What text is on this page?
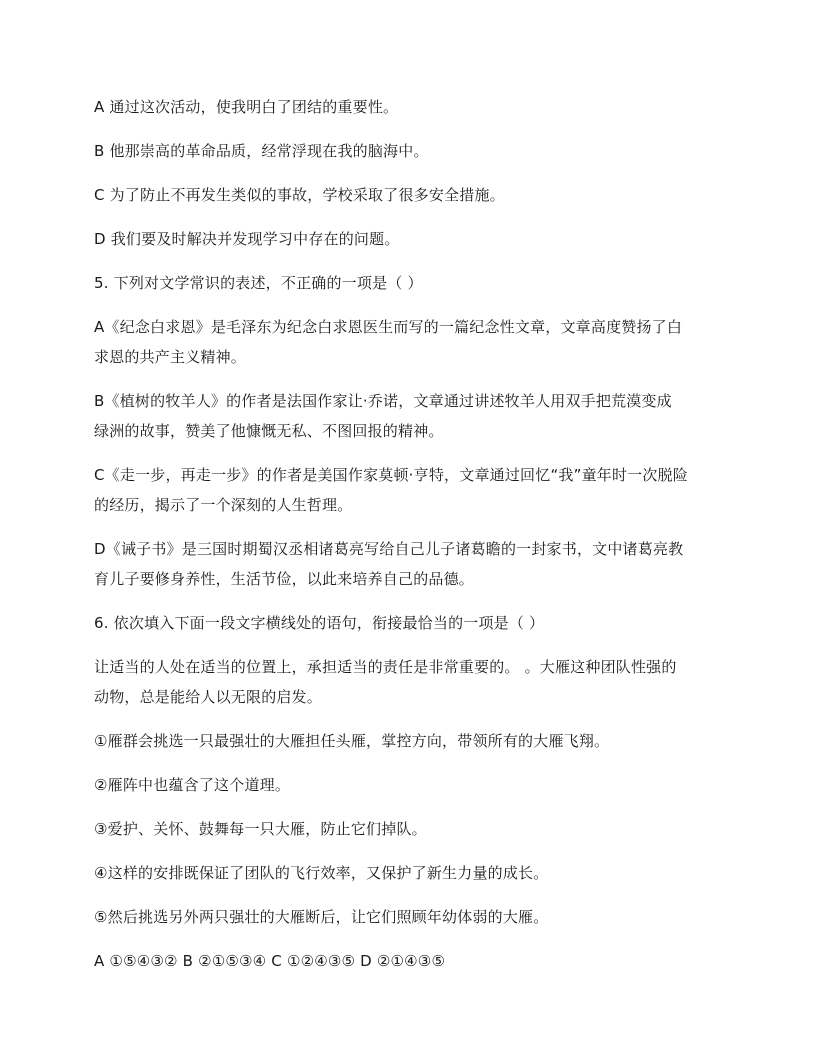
A 通过这次活动，使我明白了团结的重要性。

B 他那崇高的革命品质，经常浮现在我的脑海中。

C 为了防止不再发生类似的事故，学校采取了很多安全措施。

D 我们要及时解决并发现学习中存在的问题。

5. 下列对文学常识的表述，不正确的一项是（ ）

A《纪念白求恩》是毛泽东为纪念白求恩医生而写的一篇纪念性文章，文章高度赞扬了白

求恩的共产主义精神。

B《植树的牧羊人》的作者是法国作家让·乔诺，文章通过讲述牧羊人用双手把荒漠变成

绿洲的故事，赞美了他慷慨无私、不图回报的精神。

C《走一步，再走一步》的作者是美国作家莫顿·亨特，文章通过回忆“我”童年时一次脱险

的经历，揭示了一个深刻的人生哲理。

D《诫子书》是三国时期蜀汉丞相诸葛亮写给自己儿子诸葛瞻的一封家书，文中诸葛亮教

育儿子要修身养性，生活节俭，以此来培养自己的品德。

6. 依次填入下面一段文字横线处的语句，衔接最恰当的一项是（ ）

让适当的人处在适当的位置上，承担适当的责任是非常重要的。 。大雁这种团队性强的

动物，总是能给人以无限的启发。

①雁群会挑选一只最强壮的大雁担任头雁，掌控方向，带领所有的大雁飞翔。

②雁阵中也蕴含了这个道理。

③爱护、关怀、鼓舞每一只大雁，防止它们掉队。

④这样的安排既保证了团队的飞行效率，又保护了新生力量的成长。

⑤然后挑选另外两只强壮的大雁断后，让它们照顾年幼体弱的大雁。

A ①⑤④③② B ②①⑤③④ C ①②④③⑤ D ②①④③⑤
